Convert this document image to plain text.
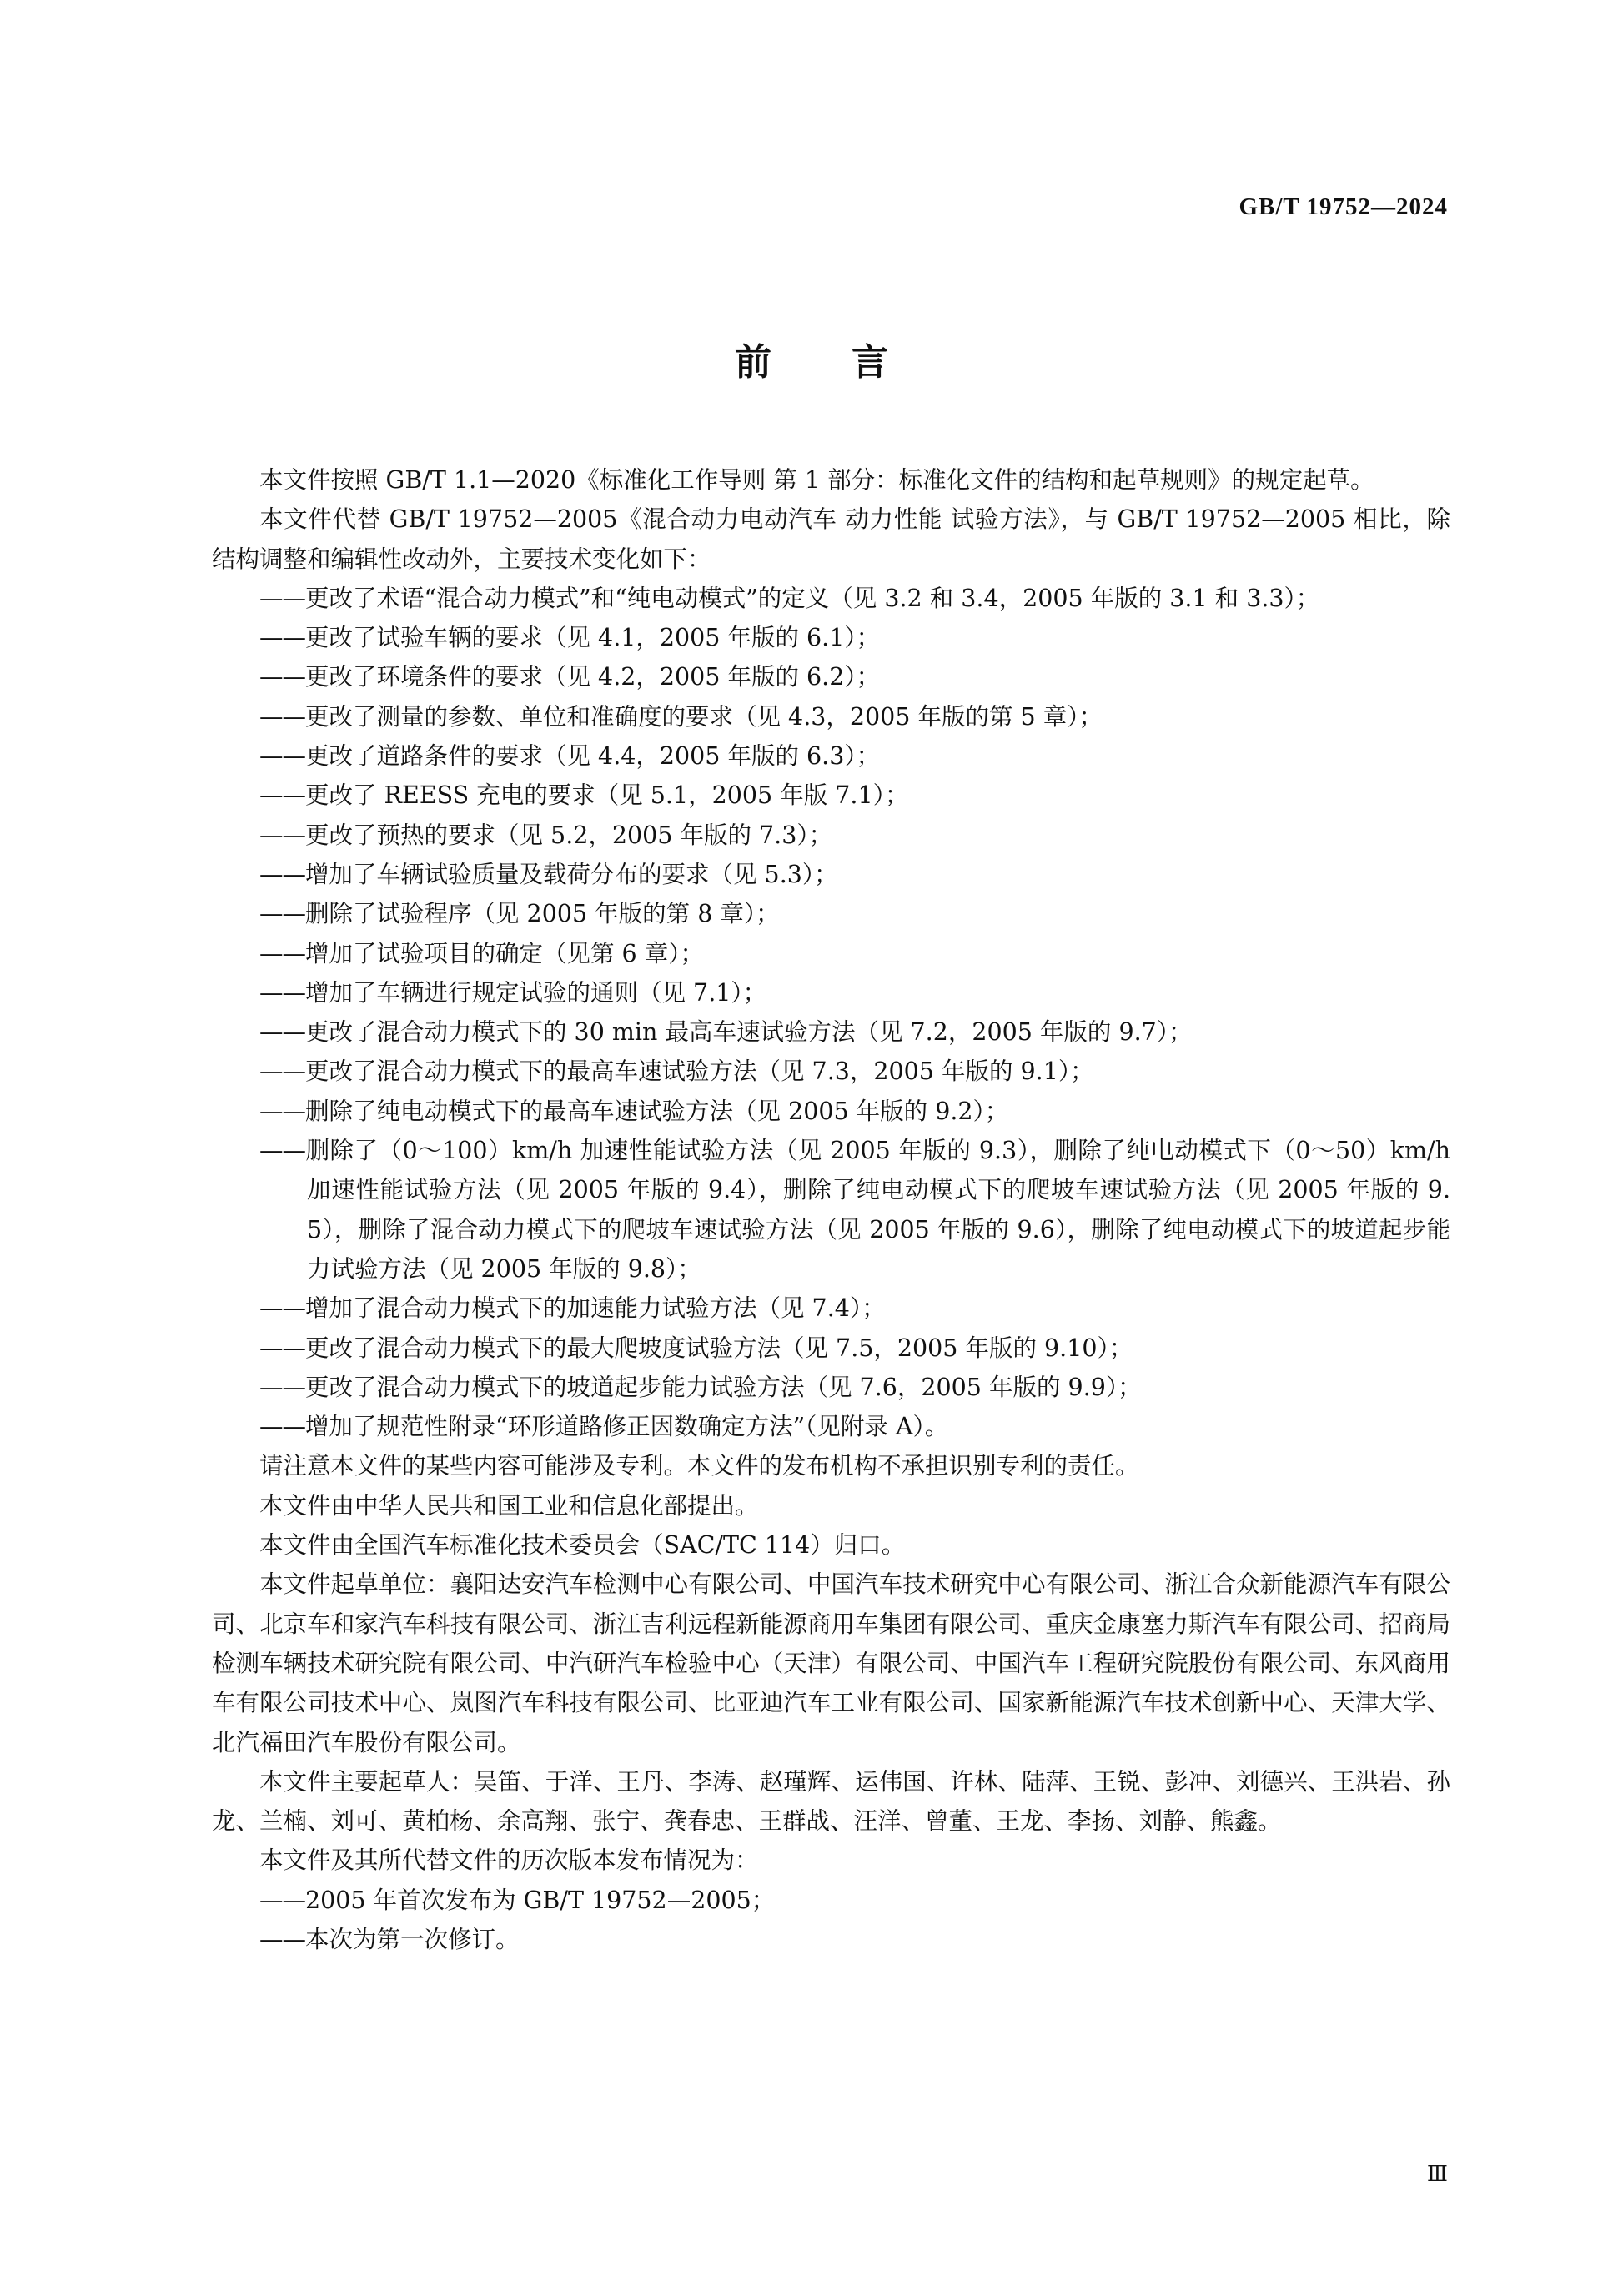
GB/T 19752—2024
前言

本文件按照 GB/T 1.1—2020《标准化工作导则 第 1 部分：标准化文件的结构和起草规则》的规定起草。

本文件代替 GB/T 19752—2005《混合动力电动汽车 动力性能 试验方法》，与 GB/T 19752—2005 相比，除结构调整和编辑性改动外，主要技术变化如下：

—— 更改了术语“混合动力模式”和“纯电动模式”的定义（见 3.2 和 3.4，2005 年版的 3.1 和 3.3）；
—— 更改了试验车辆的要求（见 4.1，2005 年版的 6.1）；
—— 更改了环境条件的要求（见 4.2，2005 年版的 6.2）；
—— 更改了测量的参数、单位和准确度的要求（见 4.3，2005 年版的第 5 章）；
—— 更改了道路条件的要求（见 4.4，2005 年版的 6.3）；
—— 更改了 REESS 充电的要求（见 5.1，2005 年版 7.1）；
—— 更改了预热的要求（见 5.2，2005 年版的 7.3）；
—— 增加了车辆试验质量及载荷分布的要求（见 5.3）；
—— 删除了试验程序（见 2005 年版的第 8 章）；
—— 增加了试验项目的确定（见第 6 章）；
—— 增加了车辆进行规定试验的通则（见 7.1）；
—— 更改了混合动力模式下的 30 min 最高车速试验方法（见 7.2，2005 年版的 9.7）；
—— 更改了混合动力模式下的最高车速试验方法（见 7.3，2005 年版的 9.1）；
—— 删除了纯电动模式下的最高车速试验方法（见 2005 年版的 9.2）；
—— 删除了（0～100）km/h 加速性能试验方法（见 2005 年版的 9.3），删除了纯电动模式下（0～50）km/h加速性能试验方法（见 2005 年版的 9.4），删除了纯电动模式下的爬坡车速试验方法（见 2005 年版的 9.5），删除了混合动力模式下的爬坡车速试验方法（见 2005 年版的 9.6），删除了纯电动模式下的坡道起步能力试验方法（见 2005 年版的 9.8）；
—— 增加了混合动力模式下的加速能力试验方法（见 7.4）；
—— 更改了混合动力模式下的最大爬坡度试验方法（见 7.5，2005 年版的 9.10）；
—— 更改了混合动力模式下的坡道起步能力试验方法（见 7.6，2005 年版的 9.9）；
—— 增加了规范性附录“环形道路修正因数确定方法”（见附录 A）。

请注意本文件的某些内容可能涉及专利。本文件的发布机构不承担识别专利的责任。

本文件由中华人民共和国工业和信息化部提出。

本文件由全国汽车标准化技术委员会（SAC/TC 114）归口。

本文件起草单位：襄阳达安汽车检测中心有限公司、中国汽车技术研究中心有限公司、浙江合众新能源汽车有限公司、北京车和家汽车科技有限公司、浙江吉利远程新能源商用车集团有限公司、重庆金康塞力斯汽车有限公司、招商局检测车辆技术研究院有限公司、中汽研汽车检验中心（天津）有限公司、中国汽车工程研究院股份有限公司、东风商用车有限公司技术中心、岚图汽车科技有限公司、比亚迪汽车工业有限公司、国家新能源汽车技术创新中心、天津大学、北汽福田汽车股份有限公司。

本文件主要起草人：吴笛、于洋、王丹、李涛、赵瑾辉、运伟国、许林、陆萍、王锐、彭冲、刘德兴、王洪岩、孙龙、兰楠、刘可、黄柏杨、余高翔、张宁、龚春忠、王群战、汪洋、曾董、王龙、李扬、刘静、熊鑫。

本文件及其所代替文件的历次版本发布情况为：

—— 2005 年首次发布为 GB/T 19752—2005；
—— 本次为第一次修订。
Ⅲ
